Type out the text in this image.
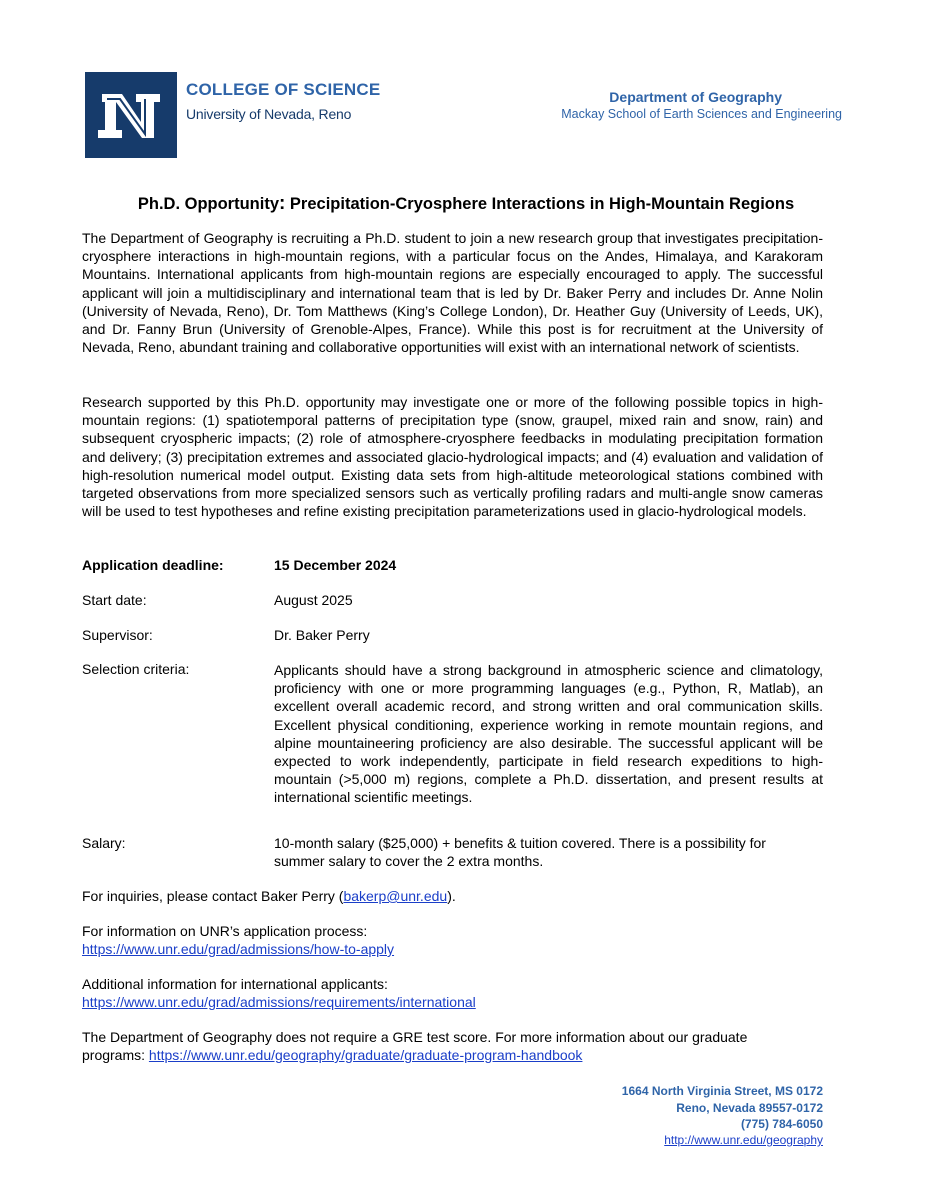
COLLEGE OF SCIENCE
University of Nevada, Reno
Department of Geography
Mackay School of Earth Sciences and Engineering
Ph.D. Opportunity: Precipitation-Cryosphere Interactions in High-Mountain Regions
The Department of Geography is recruiting a Ph.D. student to join a new research group that investigates precipitation-cryosphere interactions in high-mountain regions, with a particular focus on the Andes, Himalaya, and Karakoram Mountains. International applicants from high-mountain regions are especially encouraged to apply. The successful applicant will join a multidisciplinary and international team that is led by Dr. Baker Perry and includes Dr. Anne Nolin (University of Nevada, Reno), Dr. Tom Matthews (King’s College London), Dr. Heather Guy (University of Leeds, UK), and Dr. Fanny Brun (University of Grenoble-Alpes, France). While this post is for recruitment at the University of Nevada, Reno, abundant training and collaborative opportunities will exist with an international network of scientists.
Research supported by this Ph.D. opportunity may investigate one or more of the following possible topics in high-mountain regions: (1) spatiotemporal patterns of precipitation type (snow, graupel, mixed rain and snow, rain) and subsequent cryospheric impacts; (2) role of atmosphere-cryosphere feedbacks in modulating precipitation formation and delivery; (3) precipitation extremes and associated glacio-hydrological impacts; and (4) evaluation and validation of high-resolution numerical model output. Existing data sets from high-altitude meteorological stations combined with targeted observations from more specialized sensors such as vertically profiling radars and multi-angle snow cameras will be used to test hypotheses and refine existing precipitation parameterizations used in glacio-hydrological models.
Application deadline:	15 December 2024
Start date:	August 2025
Supervisor:	Dr. Baker Perry
Selection criteria:	Applicants should have a strong background in atmospheric science and climatology, proficiency with one or more programming languages (e.g., Python, R, Matlab), an excellent overall academic record, and strong written and oral communication skills. Excellent physical conditioning, experience working in remote mountain regions, and alpine mountaineering proficiency are also desirable. The successful applicant will be expected to work independently, participate in field research expeditions to high-mountain (>5,000 m) regions, complete a Ph.D. dissertation, and present results at international scientific meetings.
Salary:	10-month salary ($25,000) + benefits & tuition covered. There is a possibility for
summer salary to cover the 2 extra months.
For inquiries, please contact Baker Perry (bakerp@unr.edu).
For information on UNR’s application process:
https://www.unr.edu/grad/admissions/how-to-apply
Additional information for international applicants:
https://www.unr.edu/grad/admissions/requirements/international
The Department of Geography does not require a GRE test score. For more information about our graduate
programs: https://www.unr.edu/geography/graduate/graduate-program-handbook
1664 North Virginia Street, MS 0172
Reno, Nevada 89557-0172
(775) 784-6050
http://www.unr.edu/geography
